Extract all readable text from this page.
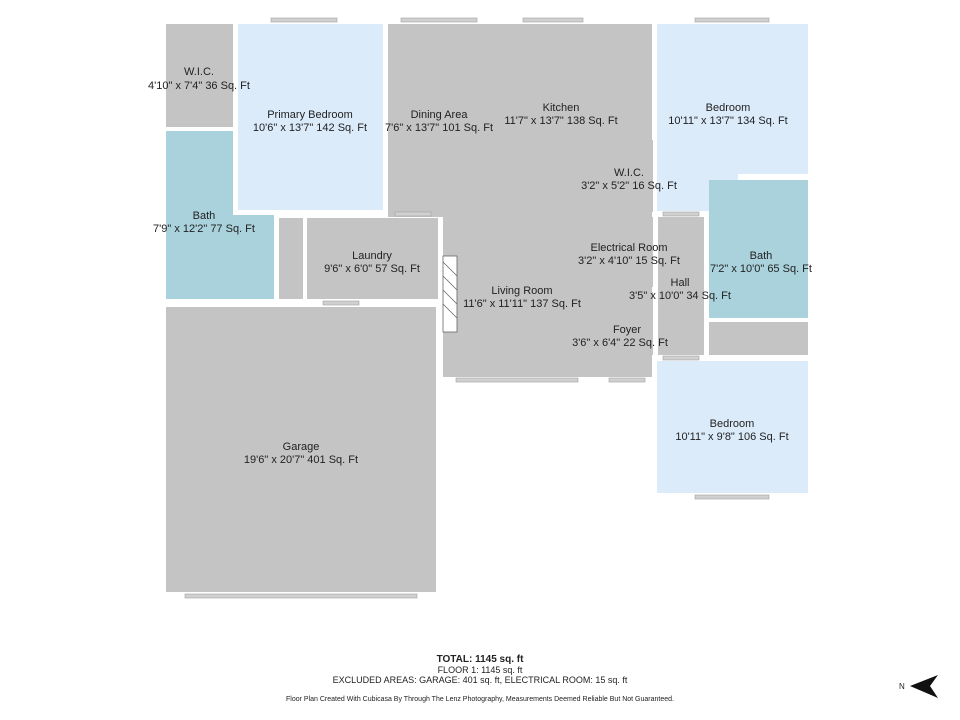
W.I.C.
4'10" x 7'4" 36 Sq. Ft
Primary Bedroom
10'6" x 13'7" 142 Sq. Ft
Dining Area
7'6" x 13'7" 101 Sq. Ft
Kitchen
11'7" x 13'7" 138 Sq. Ft
Bedroom
10'11" x 13'7" 134 Sq. Ft
W.I.C.
3'2" x 5'2" 16 Sq. Ft
Bath
7'9" x 12'2" 77 Sq. Ft
Laundry
9'6" x 6'0" 57 Sq. Ft
Electrical Room
3'2" x 4'10" 15 Sq. Ft	Bath
7'2" x 10'0" 65 Sq. Ft
Hall
3'5" x 10'0" 34 Sq. Ft
Living Room
11'6" x 11'11" 137 Sq. Ft
Foyer
3'6" x 6'4" 22 Sq. Ft
Bedroom
10'11" x 9'8" 106 Sq. Ft
Garage
19'6" x 20'7" 401 Sq. Ft
TOTAL: 1145 sq. ft
FLOOR 1: 1145 sq. ft
EXCLUDED AREAS: GARAGE: 401 sq. ft, ELECTRICAL ROOM: 15 sq. ft
Floor Plan Created With Cubicasa By Through The Lenz Photography, Measurements Deemed Reliable But Not Guaranteed.
N
